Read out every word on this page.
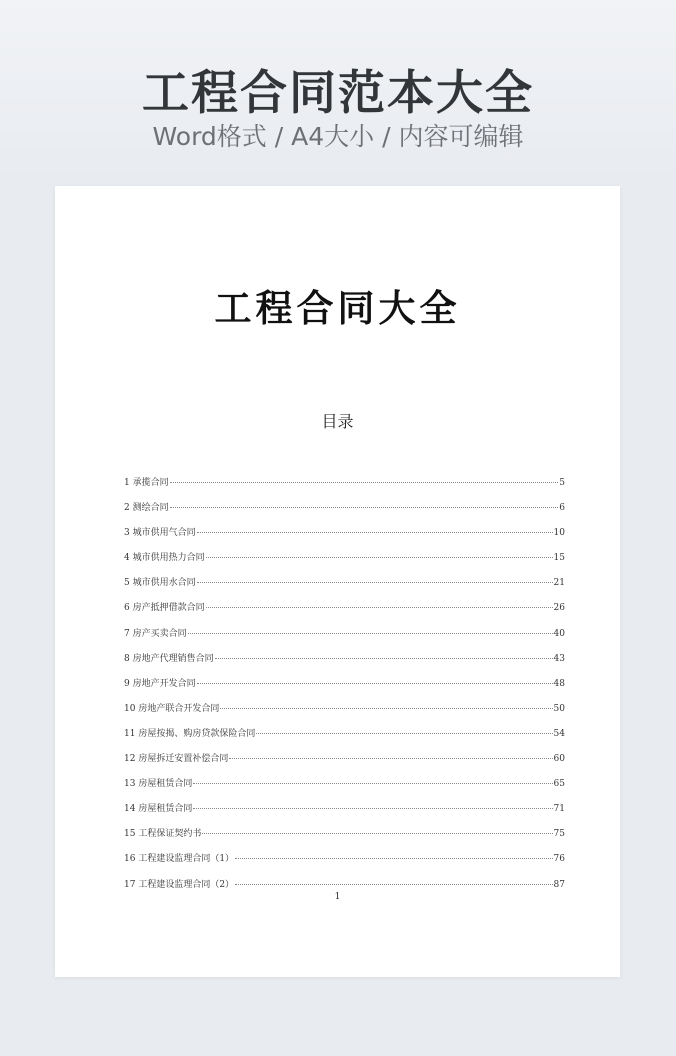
工程合同范本大全
Word格式 / A4大小 / 内容可编辑
工程合同大全
目录
1 承揽合同	5
2 测绘合同	6
3 城市供用气合同	10
4 城市供用热力合同	15
5 城市供用水合同	21
6 房产抵押借款合同	26
7 房产买卖合同	40
8 房地产代理销售合同	43
9 房地产开发合同	48
10 房地产联合开发合同	50
11 房屋按揭、购房贷款保险合同	54
12 房屋拆迁安置补偿合同	60
13 房屋租赁合同	65
14 房屋租赁合同	71
15 工程保证契约书	75
16 工程建设监理合同（1）	76
17 工程建设监理合同（2）	87
1
